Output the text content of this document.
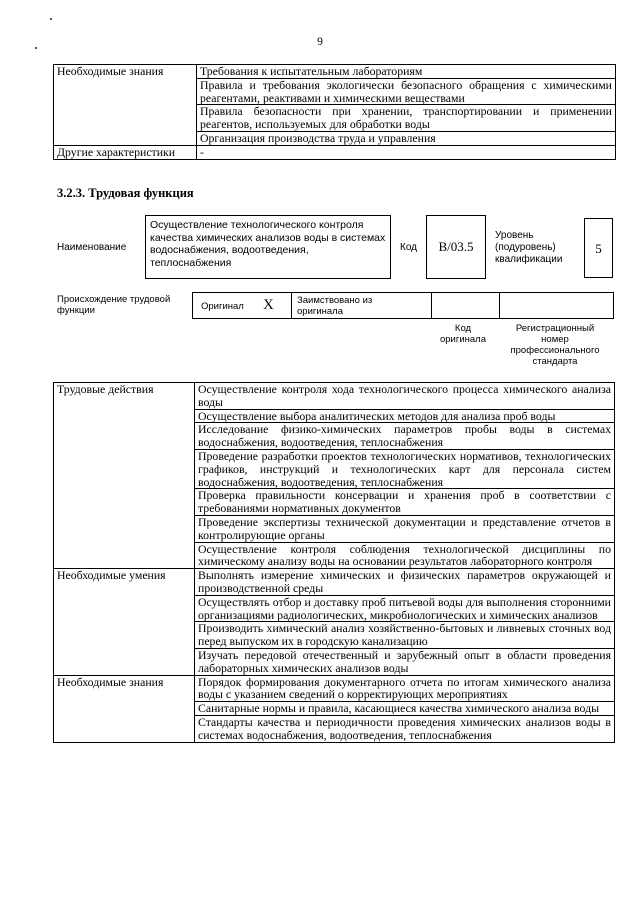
9
Необходимые знания	Требования к испытательным лабораториям
	Правила и требования экологически безопасного обращения с химическими реагентами, реактивами и химическими веществами
	Правила безопасности при хранении, транспортировании и применении реагентов, используемых для обработки воды
	Организация производства труда и управления
Другие характеристики	-
3.2.3. Трудовая функция
Наименование
Осуществление технологического контроля качества химических анализов воды в системах водоснабжения, водоотведения, теплоснабжения
Код	В/03.5
Уровень (подуровень) квалификации
5
Происхождение трудовой функции	Оригинал X Заимствовано из оригинала
Код оригинала
Регистрационный номер профессионального стандарта
Трудовые действия	Осуществление контроля хода технологического процесса химического анализа воды
	Осуществление выбора аналитических методов для анализа проб воды
	Исследование физико-химических параметров пробы воды в системах водоснабжения, водоотведения, теплоснабжения
	Проведение разработки проектов технологических нормативов, технологических графиков, инструкций и технологических карт для персонала систем водоснабжения, водоотведения, теплоснабжения
	Проверка правильности консервации и хранения проб в соответствии с требованиями нормативных документов
	Проведение экспертизы технической документации и представление отчетов в контролирующие органы
	Осуществление контроля соблюдения технологической дисциплины по химическому анализу воды на основании результатов лабораторного контроля
Необходимые умения	Выполнять измерение химических и физических параметров окружающей и производственной среды
	Осуществлять отбор и доставку проб питьевой воды для выполнения сторонними организациями радиологических, микробиологических и химических анализов
	Производить химический анализ хозяйственно-бытовых и ливневых сточных вод перед выпуском их в городскую канализацию
	Изучать передовой отечественный и зарубежный опыт в области проведения лабораторных химических анализов воды
Необходимые знания	Порядок формирования документарного отчета по итогам химического анализа воды с указанием сведений о корректирующих мероприятиях
	Санитарные нормы и правила, касающиеся качества химического анализа воды
	Стандарты качества и периодичности проведения химических анализов воды в системах водоснабжения, водоотведения, теплоснабжения
